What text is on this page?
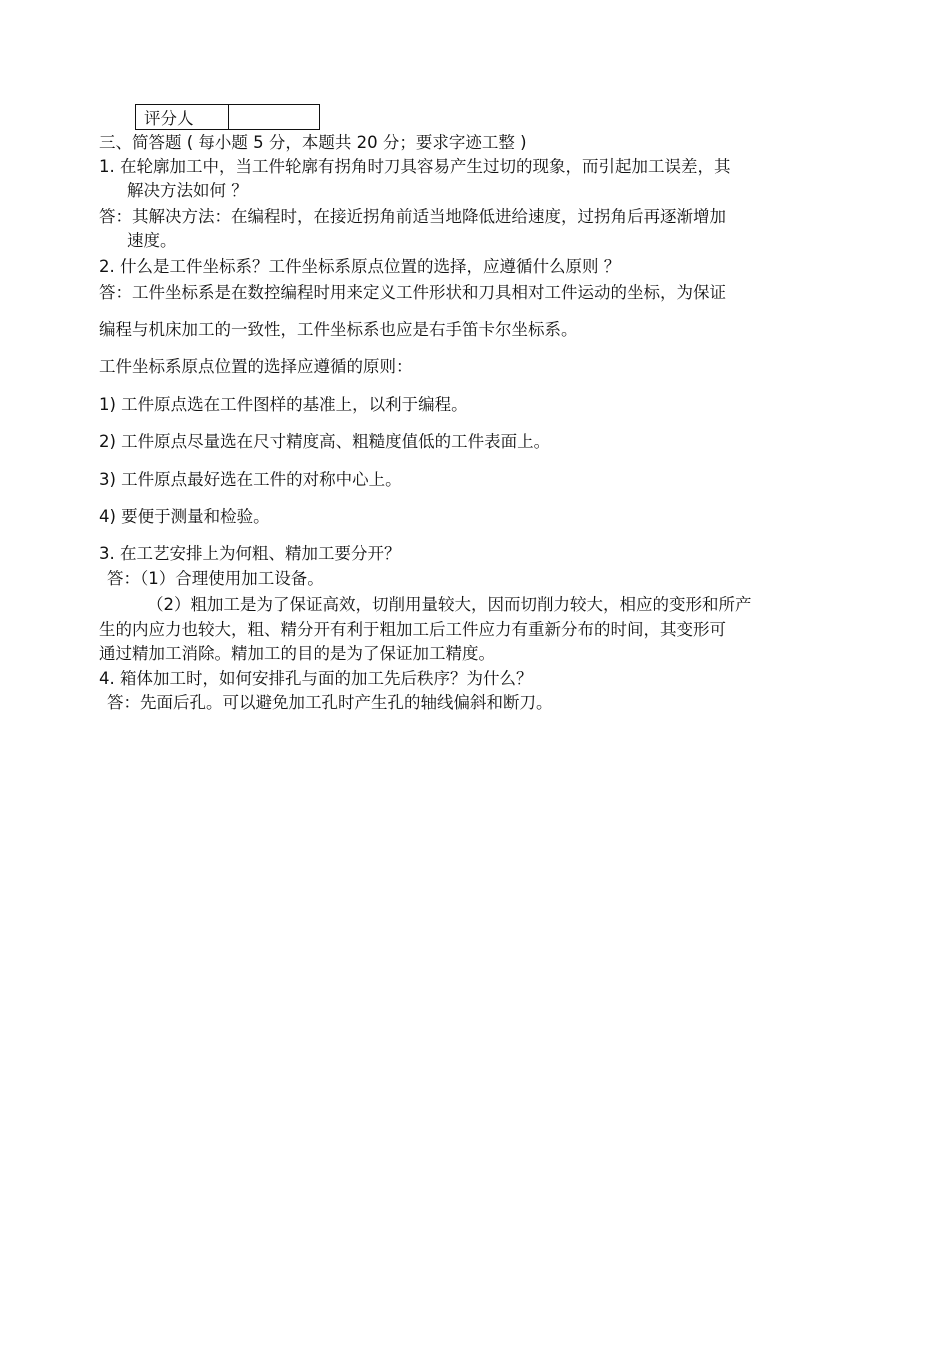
评分人	
三、简答题 ( 每小题 5 分，本题共 20 分；要求字迹工整 )
1. 在轮廓加工中，当工件轮廓有拐角时刀具容易产生过切的现象，而引起加工误差，其
解决方法如何 ？
答：其解决方法：在编程时，在接近拐角前适当地降低进给速度，过拐角后再逐渐增加
速度。
2. 什么是工件坐标系？工件坐标系原点位置的选择，应遵循什么原则 ？
答：工件坐标系是在数控编程时用来定义工件形状和刀具相对工件运动的坐标，为保证
编程与机床加工的一致性，工件坐标系也应是右手笛卡尔坐标系。
工件坐标系原点位置的选择应遵循的原则：
1) 工件原点选在工件图样的基准上，以利于编程。
2) 工件原点尽量选在尺寸精度高、粗糙度值低的工件表面上。
3) 工件原点最好选在工件的对称中心上。
4) 要便于测量和检验。
3. 在工艺安排上为何粗、精加工要分开？
答：（1）合理使用加工设备。
（2）粗加工是为了保证高效，切削用量较大，因而切削力较大，相应的变形和所产
生的内应力也较大，粗、精分开有利于粗加工后工件应力有重新分布的时间，其变形可
通过精加工消除。精加工的目的是为了保证加工精度。
4. 箱体加工时，如何安排孔与面的加工先后秩序？为什么？
答：先面后孔。可以避免加工孔时产生孔的轴线偏斜和断刀。
